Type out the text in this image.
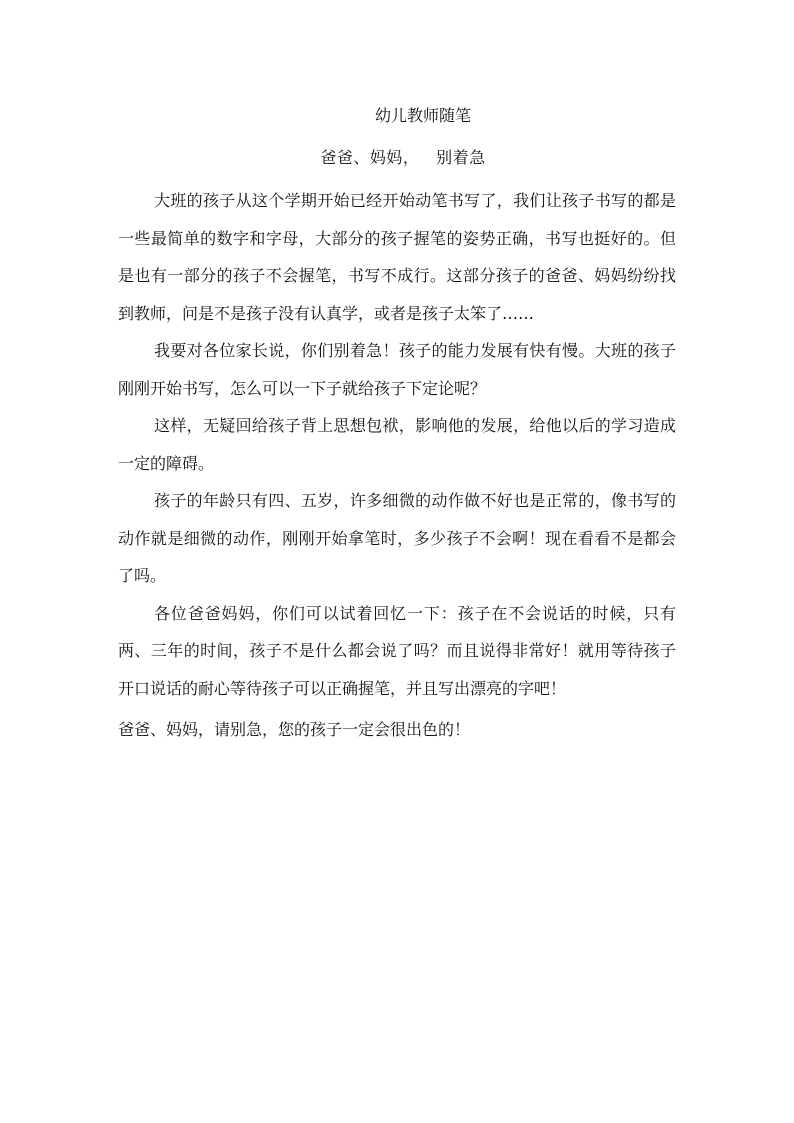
幼儿教师随笔
爸爸、妈妈，   别着急

大班的孩子从这个学期开始已经开始动笔书写了，我们让孩子书写的都是一些最简单的数字和字母，大部分的孩子握笔的姿势正确，书写也挺好的。但是也有一部分的孩子不会握笔，书写不成行。这部分孩子的爸爸、妈妈纷纷找到教师，问是不是孩子没有认真学，或者是孩子太笨了……

我要对各位家长说，你们别着急！孩子的能力发展有快有慢。大班的孩子刚刚开始书写，怎么可以一下子就给孩子下定论呢？

这样，无疑回给孩子背上思想包袱，影响他的发展，给他以后的学习造成一定的障碍。

孩子的年龄只有四、五岁，许多细微的动作做不好也是正常的，像书写的动作就是细微的动作，刚刚开始拿笔时，多少孩子不会啊！现在看看不是都会了吗。

各位爸爸妈妈，你们可以试着回忆一下：孩子在不会说话的时候，只有两、三年的时间，孩子不是什么都会说了吗？而且说得非常好！就用等待孩子开口说话的耐心等待孩子可以正确握笔，并且写出漂亮的字吧！

爸爸、妈妈，请别急，您的孩子一定会很出色的！
